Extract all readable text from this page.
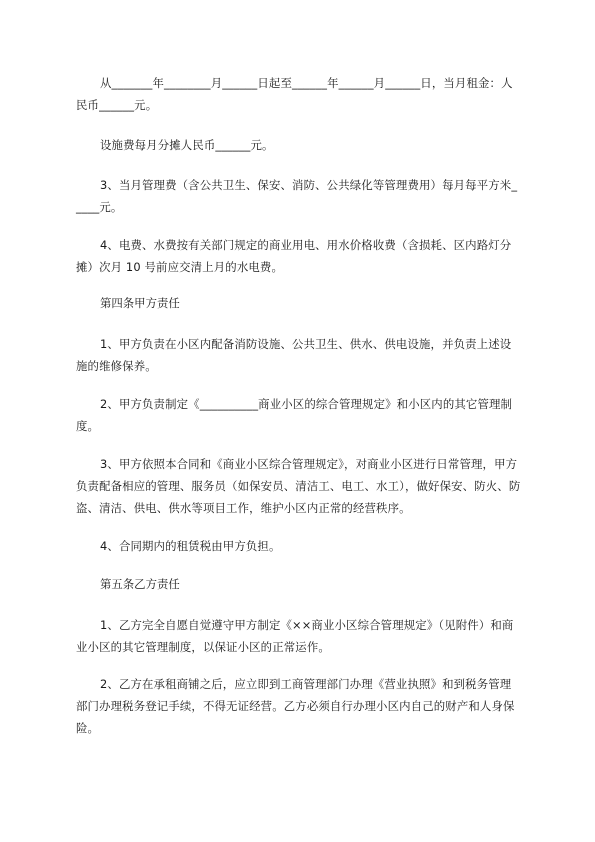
从_______年________月______日起至______年______月______日，当月租金：人民币______元。

设施费每月分摊人民币______元。

3、当月管理费（含公共卫生、保安、消防、公共绿化等管理费用）每月每平方米_____元。

4、电费、水费按有关部门规定的商业用电、用水价格收费（含损耗、区内路灯分摊）次月 10 号前应交清上月的水电费。

第四条甲方责任

1、甲方负责在小区内配备消防设施、公共卫生、供水、供电设施，并负责上述设施的维修保养。

2、甲方负责制定《__________商业小区的综合管理规定》和小区内的其它管理制度。

3、甲方依照本合同和《商业小区综合管理规定》，对商业小区进行日常管理，甲方负责配备相应的管理、服务员（如保安员、清洁工、电工、水工），做好保安、防火、防盗、清洁、供电、供水等项目工作，维护小区内正常的经营秩序。

4、合同期内的租赁税由甲方负担。

第五条乙方责任

1、乙方完全自愿自觉遵守甲方制定《××商业小区综合管理规定》（见附件）和商业小区的其它管理制度，以保证小区的正常运作。

2、乙方在承租商铺之后，应立即到工商管理部门办理《营业执照》和到税务管理部门办理税务登记手续，不得无证经营。乙方必须自行办理小区内自己的财产和人身保险。
